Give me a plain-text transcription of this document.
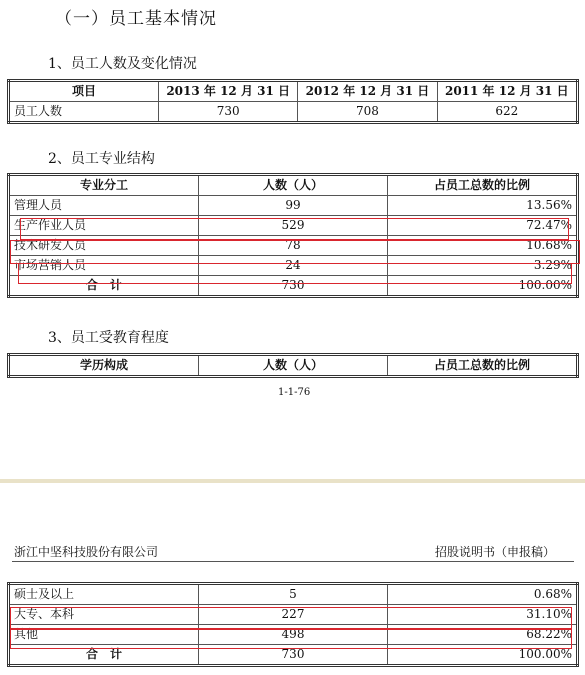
（一）员工基本情况
1、员工人数及变化情况
项目	2013 年 12 月 31 日	2012 年 12 月 31 日	2011 年 12 月 31 日
员工人数	730	708	622
2、员工专业结构
专业分工	人数（人）	占员工总数的比例
管理人员	99	13.56%
生产作业人员	529	72.47%
技术研发人员	78	10.68%
市场营销人员	24	3.29%
合　计	730	100.00%
3、员工受教育程度
学历构成	人数（人）	占员工总数的比例
1-1-76
浙江中坚科技股份有限公司	招股说明书（申报稿）
硕士及以上	5	0.68%
大专、本科	227	31.10%
其他	498	68.22%
合　计	730	100.00%
